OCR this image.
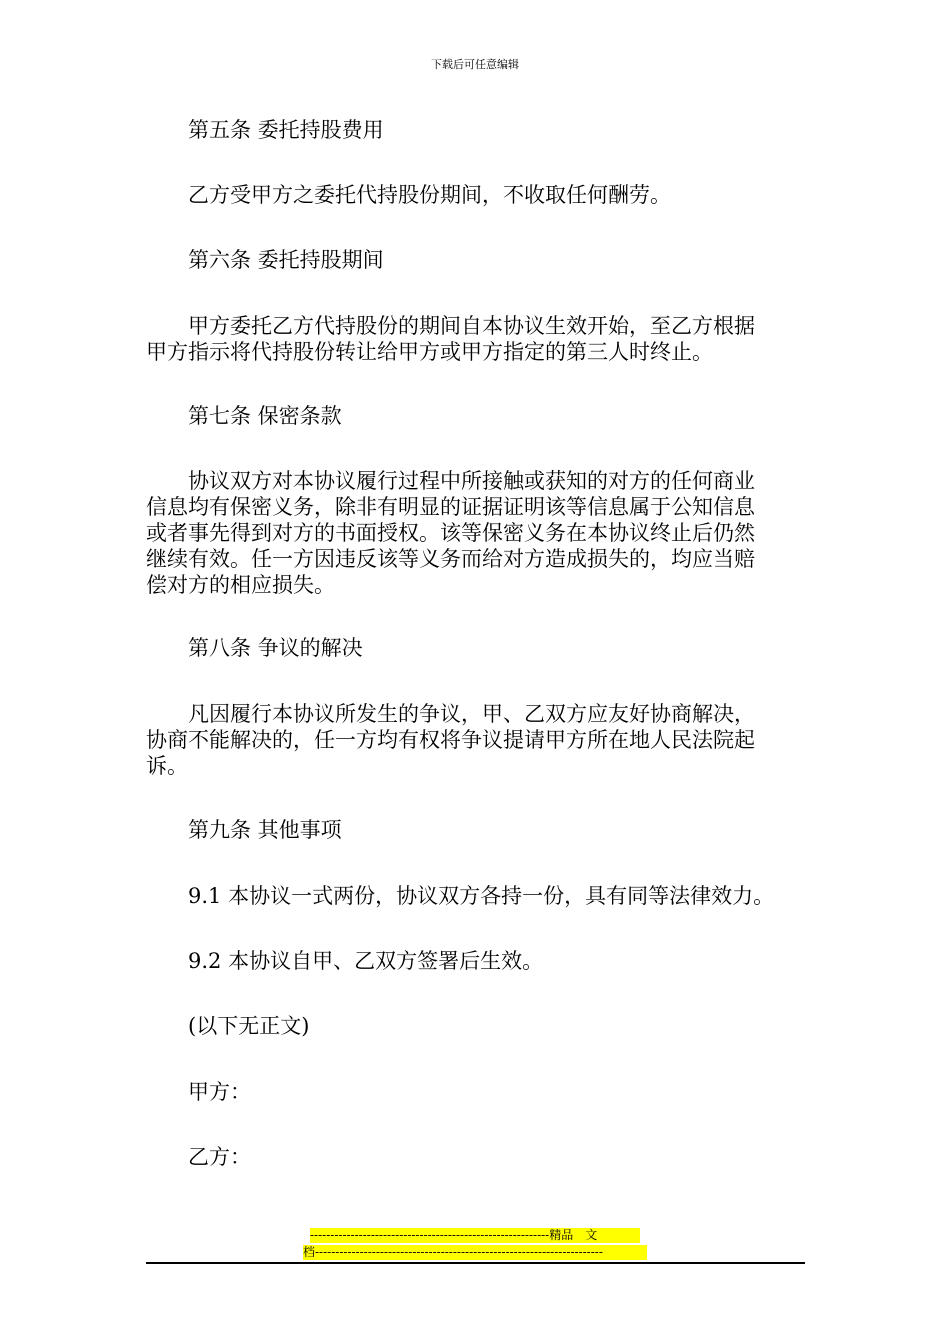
下载后可任意编辑
　　第五条 委托持股费用
　　乙方受甲方之委托代持股份期间，不收取任何酬劳。
　　第六条 委托持股期间
　　甲方委托乙方代持股份的期间自本协议生效开始，至乙方根据
甲方指示将代持股份转让给甲方或甲方指定的第三人时终止。
　　第七条 保密条款
　　协议双方对本协议履行过程中所接触或获知的对方的任何商业
信息均有保密义务，除非有明显的证据证明该等信息属于公知信息
或者事先得到对方的书面授权。该等保密义务在本协议终止后仍然
继续有效。任一方因违反该等义务而给对方造成损失的，均应当赔
偿对方的相应损失。
　　第八条 争议的解决
　　凡因履行本协议所发生的争议，甲、乙双方应友好协商解决，
协商不能解决的，任一方均有权将争议提请甲方所在地人民法院起
诉。
　　第九条 其他事项
　　9.1 本协议一式两份，协议双方各持一份，具有同等法律效力。
　　9.2 本协议自甲、乙双方签署后生效。
　　(以下无正文)
　　甲方：
　　乙方：
-----------------------------------------------------------精品　文
档-----------------------------------------------------------------------
